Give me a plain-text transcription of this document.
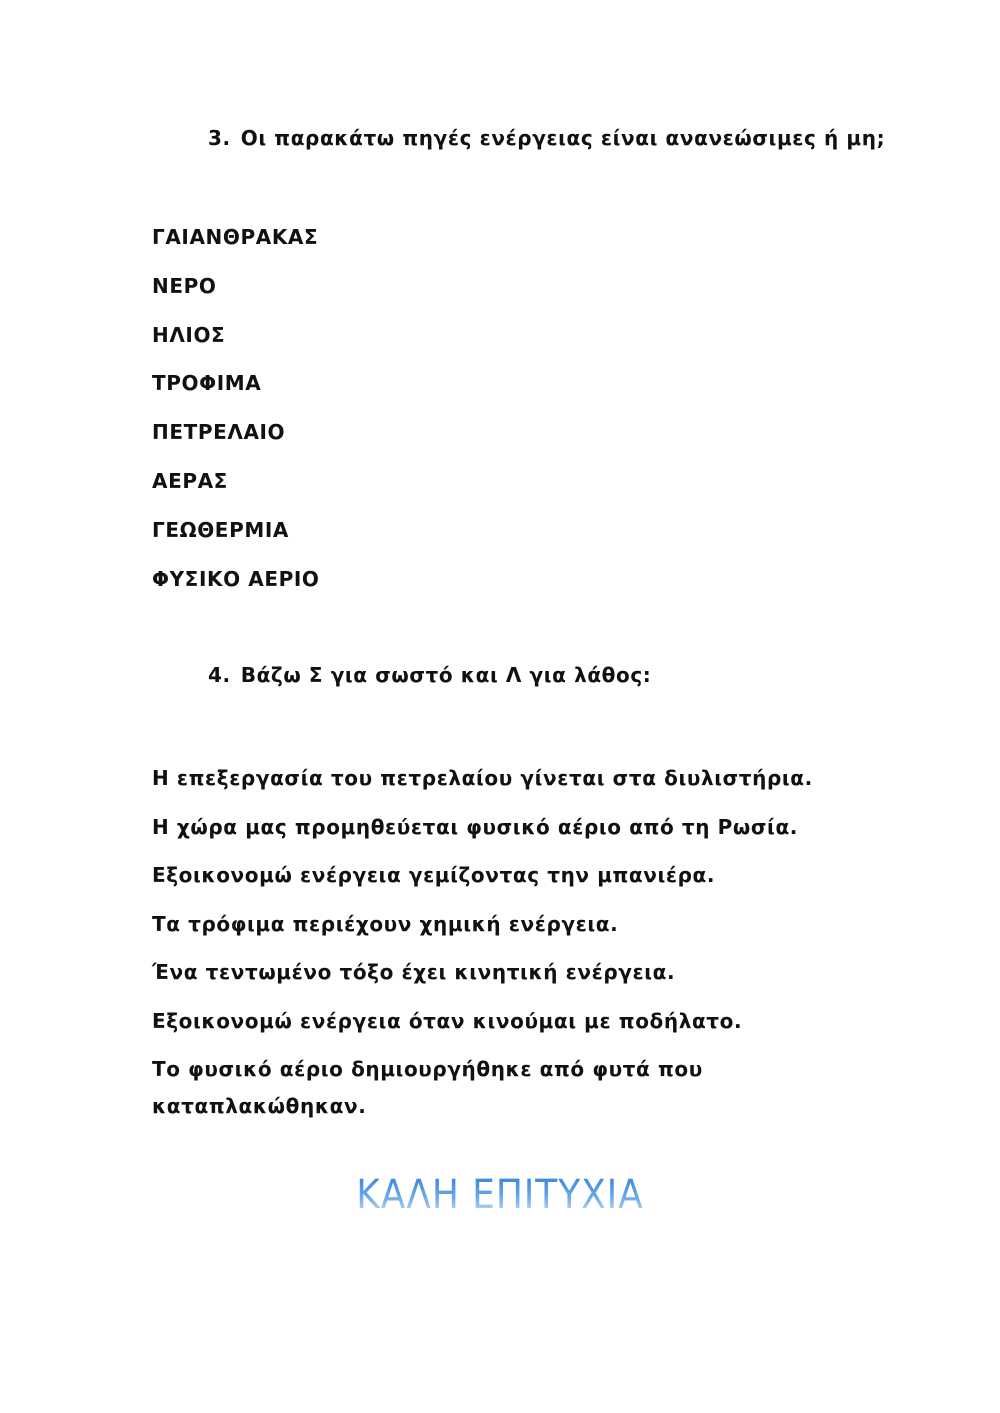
3. Οι παρακάτω πηγές ενέργειας είναι ανανεώσιμες ή μη;
ΓΑΙΑΝΘΡΑΚΑΣ
ΝΕΡΟ
ΗΛΙΟΣ
ΤΡΟΦΙΜΑ
ΠΕΤΡΕΛΑΙΟ
ΑΕΡΑΣ
ΓΕΩΘΕΡΜΙΑ
ΦΥΣΙΚΟ ΑΕΡΙΟ
4. Βάζω Σ για σωστό και Λ για λάθος:
Η επεξεργασία του πετρελαίου γίνεται στα διυλιστήρια.
Η χώρα μας προμηθεύεται φυσικό αέριο από τη Ρωσία.
Εξοικονομώ ενέργεια γεμίζοντας την μπανιέρα.
Τα τρόφιμα περιέχουν χημική ενέργεια.
Ένα τεντωμένο τόξο έχει κινητική ενέργεια.
Εξοικονομώ ενέργεια όταν κινούμαι με ποδήλατο.
Το φυσικό αέριο δημιουργήθηκε από φυτά που καταπλακώθηκαν.
ΚΑΛΗ ΕΠΙΤΥΧΙΑ
